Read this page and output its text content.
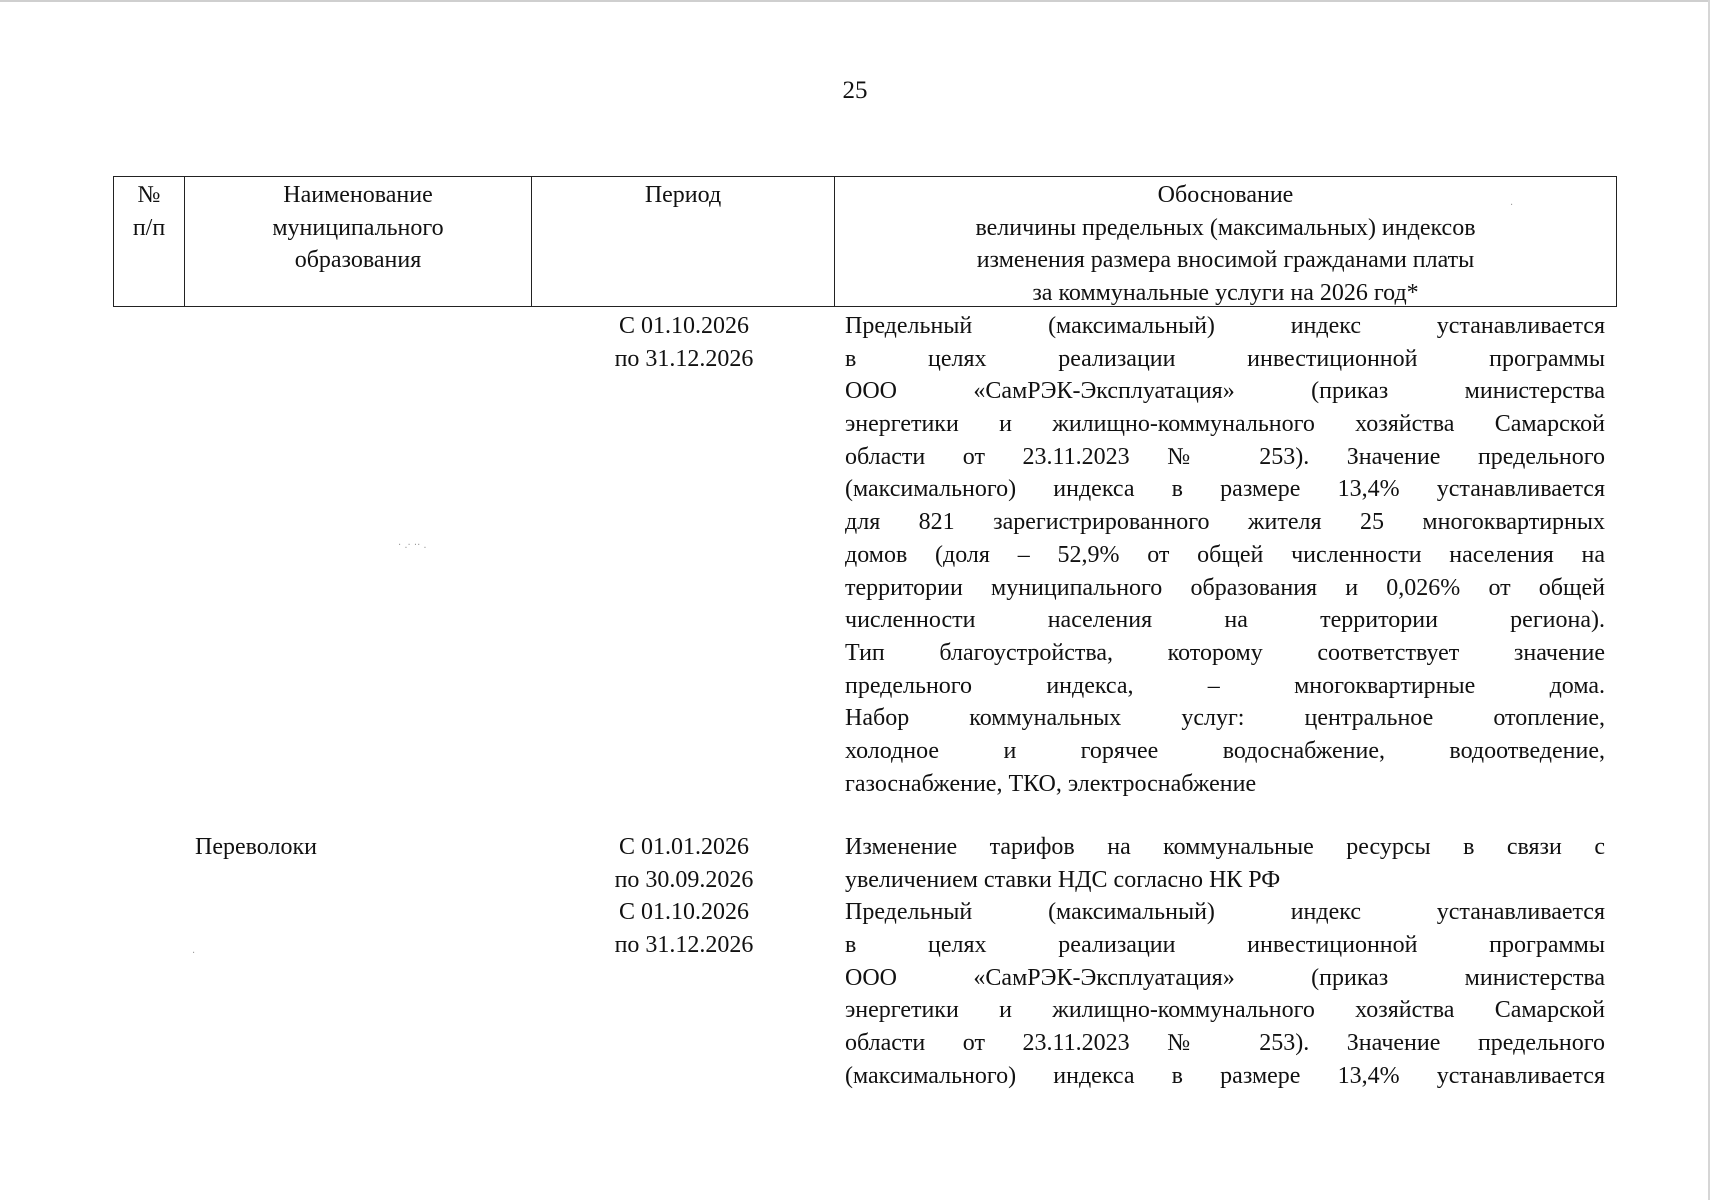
25
№
п/п
Наименование
муниципального
образования
Период	Обоснование
величины предельных (максимальных) индексов
изменения размера вносимой гражданами платы
за коммунальные услуги на 2026 год*
С 01.10.2026
по 31.12.2026
Предельный (максимальный) индекс устанавливается
в целях реализации инвестиционной программы
ООО «СамРЭК-Эксплуатация» (приказ министерства
энергетики и жилищно-коммунального хозяйства Самарской
области от 23.11.2023 № 253). Значение предельного
(максимального) индекса в размере 13,4% устанавливается
для 821 зарегистрированного жителя 25 многоквартирных
домов (доля – 52,9% от общей численности населения на
территории муниципального образования и 0,026% от общей
численности населения на территории региона).
Тип благоустройства, которому соответствует значение
предельного индекса, – многоквартирные дома.
Набор коммунальных услуг: центральное отопление,
холодное и горячее водоснабжение, водоотведение,
газоснабжение, ТКО, электроснабжение
Переволоки	С 01.01.2026
по 30.09.2026
С 01.10.2026
по 31.12.2026
Изменение тарифов на коммунальные ресурсы в связи с
увеличением ставки НДС согласно НК РФ
Предельный (максимальный) индекс устанавливается
в целях реализации инвестиционной программы
ООО «СамРЭК-Эксплуатация» (приказ министерства
энергетики и жилищно-коммунального хозяйства Самарской
области от 23.11.2023 № 253). Значение предельного
(максимального) индекса в размере 13,4% устанавливается
· .· ·· .
·
·
